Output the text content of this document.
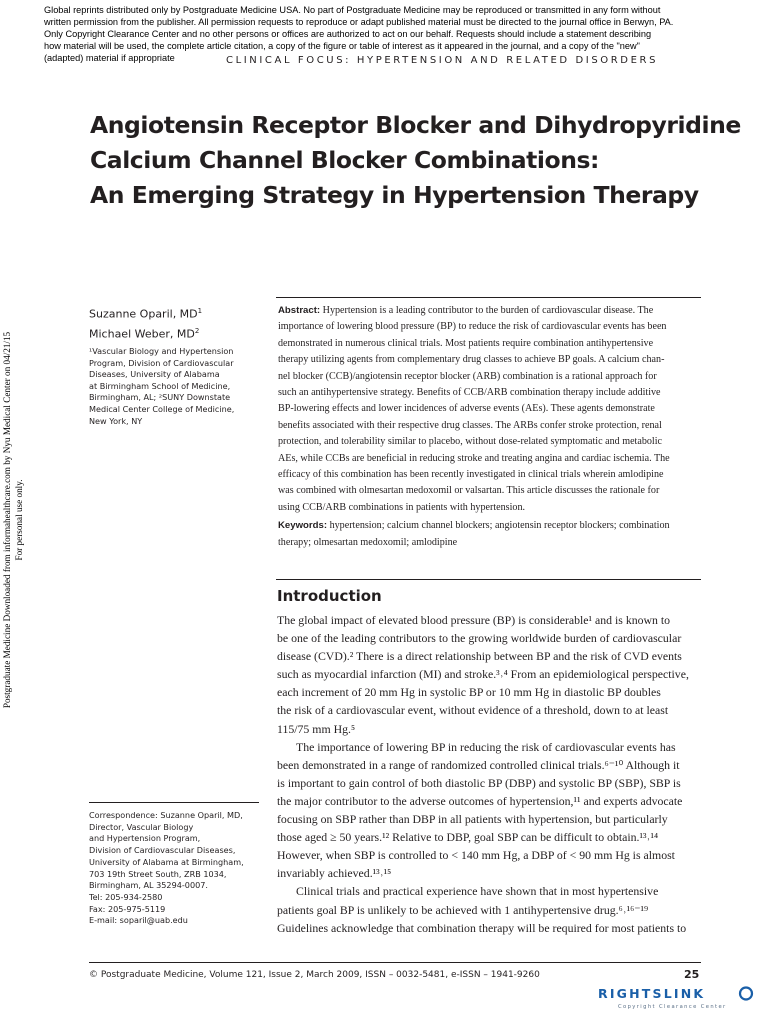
Global reprints distributed only by Postgraduate Medicine USA. No part of Postgraduate Medicine may be reproduced or transmitted in any form without
written permission from the publisher. All permission requests to reproduce or adapt published material must be directed to the journal office in Berwyn, PA.
Only Copyright Clearance Center and no other persons or offices are authorized to act on our behalf. Requests should include a statement describing
how material will be used, the complete article citation, a copy of the figure or table of interest as it appeared in the journal, and a copy of the "new"
(adapted) material if appropriate	CLINICAL FOCUS: HYPERTENSION AND RELATED DISORDERS
Angiotensin Receptor Blocker and Dihydropyridine
Calcium Channel Blocker Combinations:
An Emerging Strategy in Hypertension Therapy
Postgraduate Medicine Downloaded from informahealthcare.com by Nyu Medical Center on 04/21/15 For personal use only.
Suzanne Oparil, $MD^1$
Michael Weber, $MD^2$
¹Vascular Biology and Hypertension
Program, Division of Cardiovascular
Diseases, University of Alabama
at Birmingham School of Medicine,
Birmingham, AL; ²SUNY Downstate
Medical Center College of Medicine,
New York, NY
Correspondence: Suzanne Oparil, MD,
Director, Vascular Biology
and Hypertension Program,
Division of Cardiovascular Diseases,
University of Alabama at Birmingham,
703 19th Street South, ZRB 1034,
Birmingham, AL 35294-0007.
Tel: 205-934-2580
Fax: 205-975-5119
E-mail: soparil@uab.edu
Abstract: Hypertension is a leading contributor to the burden of cardiovascular disease. The
importance of lowering blood pressure (BP) to reduce the risk of cardiovascular events has been
demonstrated in numerous clinical trials. Most patients require combination antihypertensive
therapy utilizing agents from complementary drug classes to achieve BP goals. A calcium chan-
nel blocker (CCB)/angiotensin receptor blocker (ARB) combination is a rational approach for
such an antihypertensive strategy. Benefits of CCB/ARB combination therapy include additive
BP-lowering effects and lower incidences of adverse events (AEs). These agents demonstrate
benefits associated with their respective drug classes. The ARBs confer stroke protection, renal
protection, and tolerability similar to placebo, without dose-related symptomatic and metabolic
AEs, while CCBs are beneficial in reducing stroke and treating angina and cardiac ischemia. The
efficacy of this combination has been recently investigated in clinical trials wherein amlodipine
was combined with olmesartan medoxomil or valsartan. This article discusses the rationale for
using CCB/ARB combinations in patients with hypertension.
Keywords: hypertension; calcium channel blockers; angiotensin receptor blockers; combination
therapy; olmesartan medoxomil; amlodipine
Introduction
The global impact of elevated blood pressure (BP) is considerable¹ and is known to
be one of the leading contributors to the growing worldwide burden of cardiovascular
disease (CVD).² There is a direct relationship between BP and the risk of CVD events
such as myocardial infarction (MI) and stroke.³˒⁴ From an epidemiological perspective,
each increment of 20 mm Hg in systolic BP or 10 mm Hg in diastolic BP doubles
the risk of a cardiovascular event, without evidence of a threshold, down to at least
115/75 mm Hg.⁵
The importance of lowering BP in reducing the risk of cardiovascular events has
been demonstrated in a range of randomized controlled clinical trials.⁶⁻¹⁰ Although it
is important to gain control of both diastolic BP (DBP) and systolic BP (SBP), SBP is
the major contributor to the adverse outcomes of hypertension,¹¹ and experts advocate
focusing on SBP rather than DBP in all patients with hypertension, but particularly
those aged ≥ 50 years.¹² Relative to DBP, goal SBP can be difficult to obtain.¹³˒¹⁴
However, when SBP is controlled to < 140 mm Hg, a DBP of < 90 mm Hg is almost
invariably achieved.¹³˒¹⁵
Clinical trials and practical experience have shown that in most hypertensive
patients goal BP is unlikely to be achieved with 1 antihypertensive drug.⁶˒¹⁶⁻¹⁹
Guidelines acknowledge that combination therapy will be required for most patients to
© Postgraduate Medicine, Volume 121, Issue 2, March 2009, ISSN – 0032-5481, e-ISSN – 1941-9260	25
RIGHTSLINK
Copyright Clearance Center
